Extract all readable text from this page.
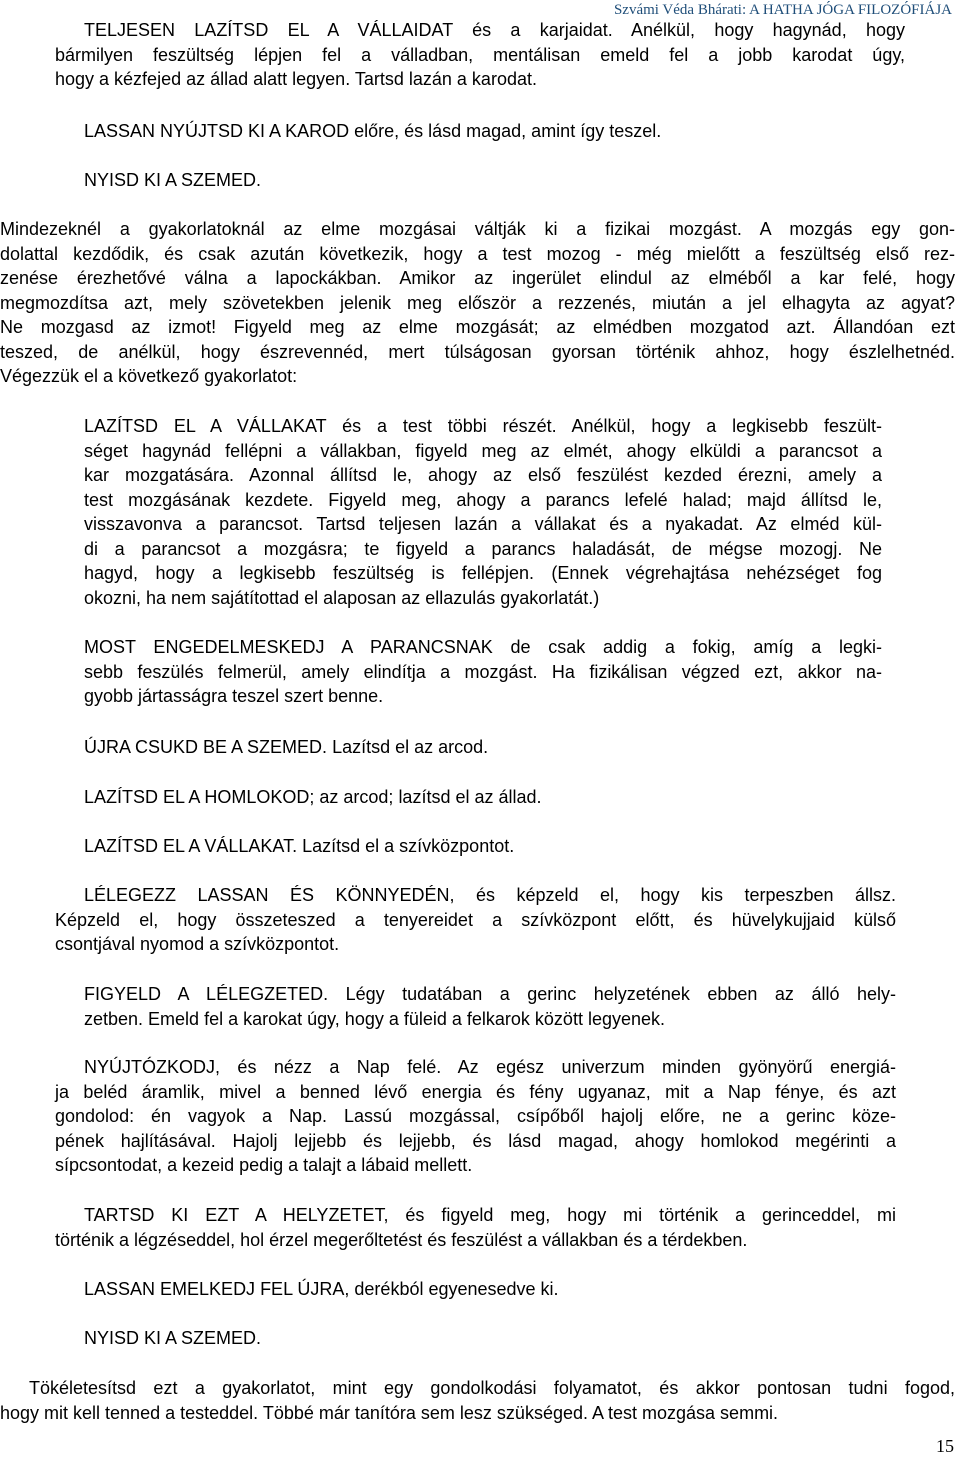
Szvámi Véda Bhárati: A HATHA JÓGA FILOZÓFIÁJA
TELJESEN LAZÍTSD EL A VÁLLAIDAT és a karjaidat. Anélkül, hogy hagynád, hogy
bármilyen feszültség lépjen fel a válladban, mentálisan emeld fel a jobb karodat úgy,
hogy a kézfejed az állad alatt legyen. Tartsd lazán a karodat.
LASSAN NYÚJTSD KI A KAROD előre, és lásd magad, amint így teszel.
NYISD KI A SZEMED.
Mindezeknél a gyakorlatoknál az elme mozgásai váltják ki a fizikai mozgást. A mozgás egy gon-
dolattal kezdődik, és csak azután következik, hogy a test mozog - még mielőtt a feszültség első rez-
zenése érezhetővé válna a lapockákban. Amikor az ingerület elindul az elméből a kar felé, hogy
megmozdítsa azt, mely szövetekben jelenik meg először a rezzenés, miután a jel elhagyta az agyat?
Ne mozgasd az izmot! Figyeld meg az elme mozgását; az elmédben mozgatod azt. Állandóan ezt
teszed, de anélkül, hogy észrevennéd, mert túlságosan gyorsan történik ahhoz, hogy észlelhetnéd.
Végezzük el a következő gyakorlatot:
LAZÍTSD EL A VÁLLAKAT és a test többi részét. Anélkül, hogy a legkisebb feszült-
séget hagynád fellépni a vállakban, figyeld meg az elmét, ahogy elküldi a parancsot a
kar mozgatására. Azonnal állítsd le, ahogy az első feszülést kezded érezni, amely a
test mozgásának kezdete. Figyeld meg, ahogy a parancs lefelé halad; majd állítsd le,
visszavonva a parancsot. Tartsd teljesen lazán a vállakat és a nyakadat. Az elméd kül-
di a parancsot a mozgásra; te figyeld a parancs haladását, de mégse mozogj. Ne
hagyd, hogy a legkisebb feszültség is fellépjen. (Ennek végrehajtása nehézséget fog
okozni, ha nem sajátítottad el alaposan az ellazulás gyakorlatát.)
MOST ENGEDELMESKEDJ A PARANCSNAK de csak addig a fokig, amíg a legki-
sebb feszülés felmerül, amely elindítja a mozgást. Ha fizikálisan végzed ezt, akkor na-
gyobb jártasságra teszel szert benne.
ÚJRA CSUKD BE A SZEMED. Lazítsd el az arcod.
LAZÍTSD EL A HOMLOKOD; az arcod; lazítsd el az állad.
LAZÍTSD EL A VÁLLAKAT. Lazítsd el a szívközpontot.
LÉLEGEZZ LASSAN ÉS KÖNNYEDÉN, és képzeld el, hogy kis terpeszben állsz.
Képzeld el, hogy összeteszed a tenyereidet a szívközpont előtt, és hüvelykujjaid külső
csontjával nyomod a szívközpontot.
FIGYELD A LÉLEGZETED. Légy tudatában a gerinc helyzetének ebben az álló hely-
zetben. Emeld fel a karokat úgy, hogy a füleid a felkarok között legyenek.
NYÚJTÓZKODJ, és nézz a Nap felé. Az egész univerzum minden gyönyörű energiá-
ja beléd áramlik, mivel a benned lévő energia és fény ugyanaz, mit a Nap fénye, és azt
gondolod: én vagyok a Nap. Lassú mozgással, csípőből hajolj előre, ne a gerinc köze-
pének hajlításával. Hajolj lejjebb és lejjebb, és lásd magad, ahogy homlokod megérinti a
sípcsontodat, a kezeid pedig a talajt a lábaid mellett.
TARTSD KI EZT A HELYZETET, és figyeld meg, hogy mi történik a gerinceddel, mi
történik a légzéseddel, hol érzel megerőltetést és feszülést a vállakban és a térdekben.
LASSAN EMELKEDJ FEL ÚJRA, derékból egyenesedve ki.
NYISD KI A SZEMED.
Tökéletesítsd ezt a gyakorlatot, mint egy gondolkodási folyamatot, és akkor pontosan tudni fogod,
hogy mit kell tenned a testeddel. Többé már tanítóra sem lesz szükséged. A test mozgása semmi.
15
